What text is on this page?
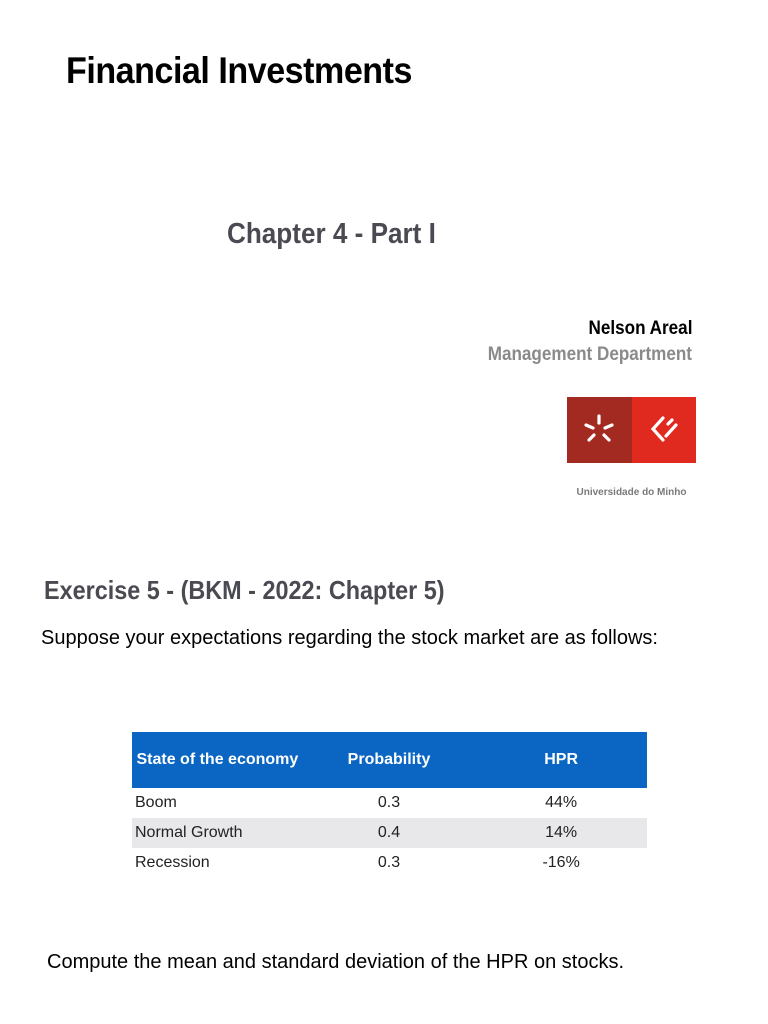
Financial Investments
Chapter 4 - Part I
Nelson Areal
Management Department
Universidade do Minho
Exercise 5 - (BKM - 2022: Chapter 5)
Suppose your expectations regarding the stock market are as follows:
State of the economy	Probability	HPR
Boom	0.3	44%
Normal Growth	0.4	14%
Recession	0.3	-16%
Compute the mean and standard deviation of the HPR on stocks.
